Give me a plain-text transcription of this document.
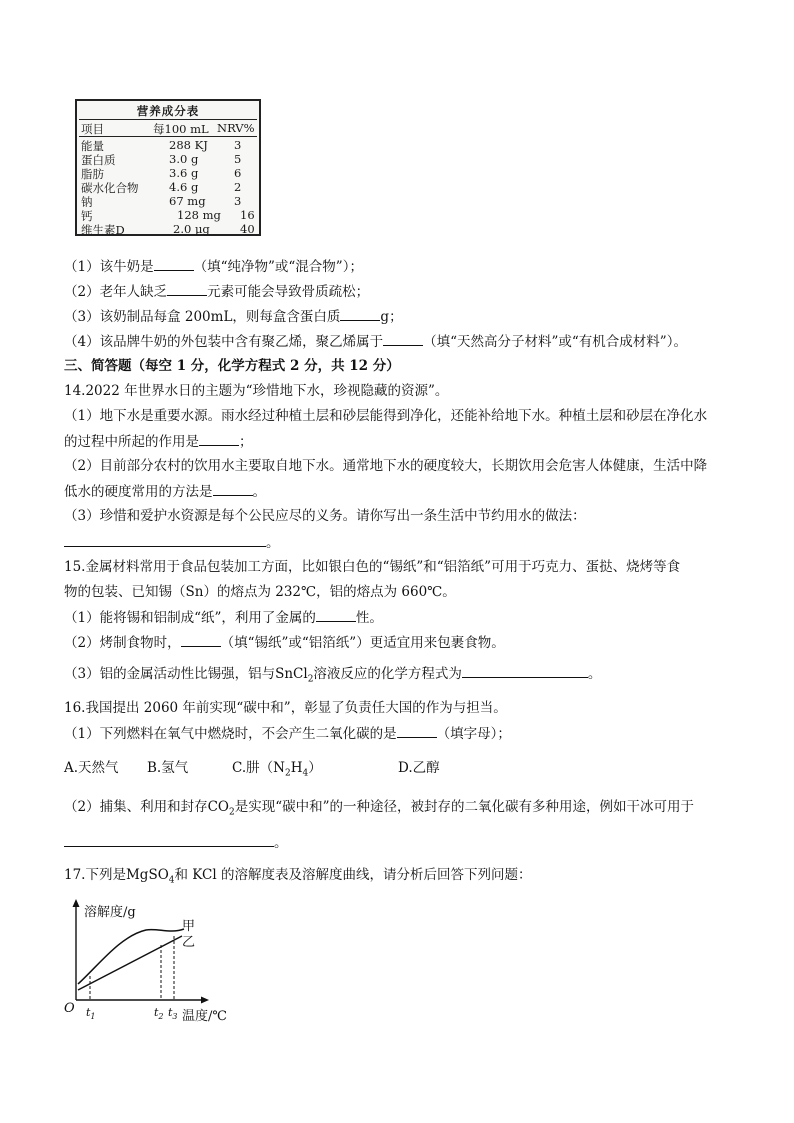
营养成分表
项目	每100 mL NRV%
能量	288 KJ 3
蛋白质	3.0 g	5
脂肪	3.6 g	6
碳水化合物	4.6 g	2
钠	67 mg 3
钙	128 mg 16
维生素D	2.0 μg	40
（1）该牛奶是	（填“纯净物”或“混合物”）；
（2）老年人缺乏	元素可能会导致骨质疏松；
（3）该奶制品每盒 200mL，则每盒含蛋白质	g；
（4）该品牌牛奶的外包装中含有聚乙烯，聚乙烯属于	（填“天然高分子材料”或“有机合成材料”）。
三、简答题（每空 1 分，化学方程式 2 分，共 12 分）
14.2022 年世界水日的主题为“珍惜地下水，珍视隐藏的资源”。
（1）地下水是重要水源。雨水经过种植土层和砂层能得到净化，还能补给地下水。种植土层和砂层在净化水
的过程中所起的作用是	；
（2）目前部分农村的饮用水主要取自地下水。通常地下水的硬度较大，长期饮用会危害人体健康，生活中降
低水的硬度常用的方法是	。
（3）珍惜和爱护水资源是每个公民应尽的义务。请你写出一条生活中节约用水的做法：
。
15.金属材料常用于食品包装加工方面，比如银白色的“锡纸”和“铝箔纸”可用于巧克力、蛋挞、烧烤等食
物的包装、已知锡（Sn）的熔点为 232℃，铝的熔点为 660℃。
（1）能将锡和铝制成“纸”，利用了金属的	性。
（2）烤制食物时，	（填“锡纸”或“铝箔纸”）更适宜用来包裹食物。
（3）铝的金属活动性比锡强，铝与SnCl$_2$溶液反应的化学方程式为	。
16.我国提出 2060 年前实现“碳中和”，彰显了负责任大国的作为与担当。
（1）下列燃料在氧气中燃烧时，不会产生二氧化碳的是	（填字母）；
A.天然气 B.氢气	C.肼$(N_2H_4)$	D.乙醇
（2）捕集、利用和封存$CO_2$是实现“碳中和”的一种途径，被封存的二氧化碳有多种用途，例如干冰可用于
。
17.下列是MgSO$_4$和 KCl 的溶解度表及溶解度曲线，请分析后回答下列问题：
溶解度/g
甲
乙
O $t_1$	$t_2$ $t_3$ 温度/℃
